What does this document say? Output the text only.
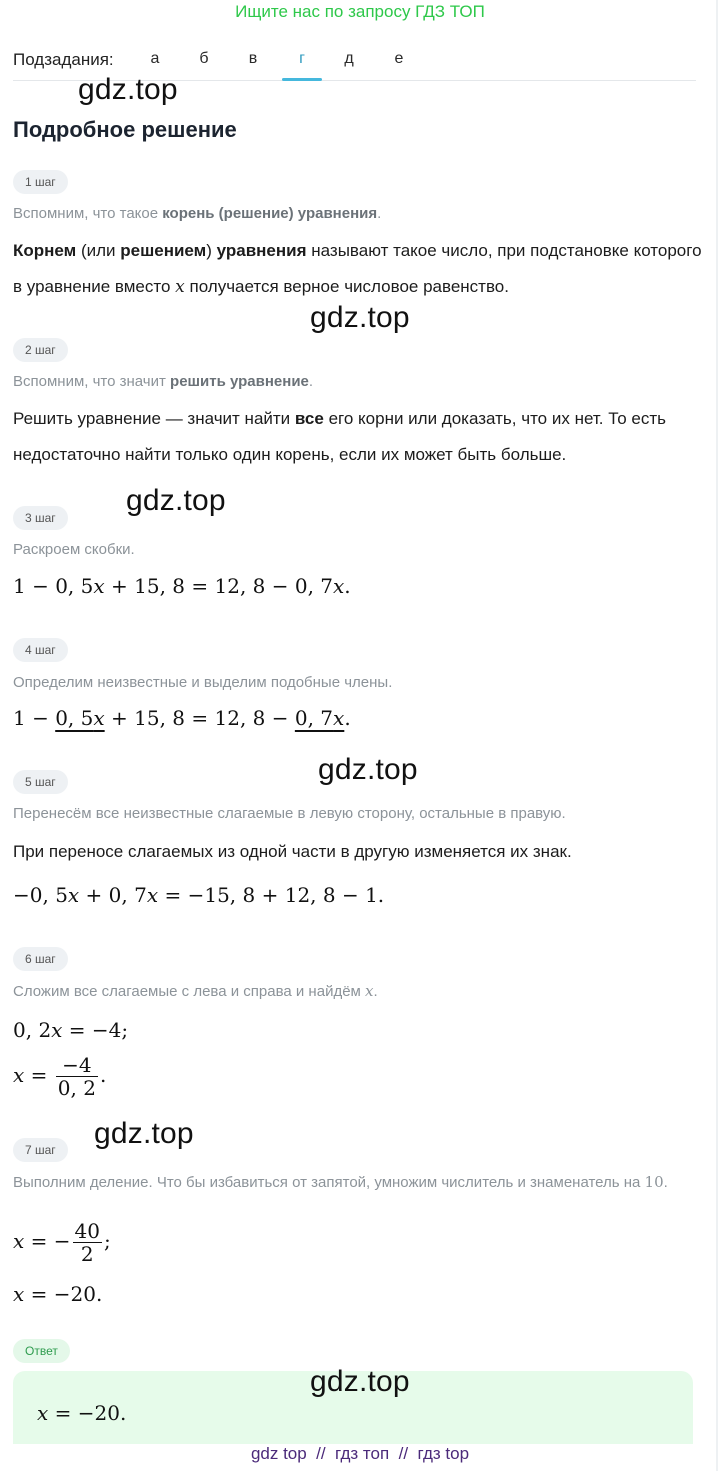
Ищите нас по запросу ГДЗ ТОП
Подзадания:	а	б	в	г	д	е
gdz.top
gdz.top
gdz.top
gdz.top
gdz.top
gdz.top
Подробное решение
1 шаг
Вспомним, что такое корень (решение) уравнения.
Корнем (или решением) уравнения называют такое число, при подстановке которого в уравнение вместо x получается верное числовое равенство.
2 шаг
Вспомним, что значит решить уравнение.
Решить уравнение — значит найти все его корни или доказать, что их нет. То есть недостаточно найти только один корень, если их может быть больше.
3 шаг
Раскроем скобки.
1 − 0, 5x + 15, 8 = 12, 8 − 0, 7x.
4 шаг
Определим неизвестные и выделим подобные члены.
1 − 0, 5x + 15, 8 = 12, 8 − 0, 7x.
5 шаг
Перенесём все неизвестные слагаемые в левую сторону, остальные в правую.
При переносе слагаемых из одной части в другую изменяется их знак.
−0, 5x + 0, 7x = −15, 8 + 12, 8 − 1.
6 шаг
Сложим все слагаемые с лева и справа и найдём x.
0, 2x = −4;
$x = \frac{-4}{0, 2}$ .
7 шаг
Выполним деление. Что бы избавиться от запятой, умножим числитель и знаменатель на 10.
x = − $\frac{40}{2}$ ;
x = −20.
Ответ
x = −20.
gdz top  //  гдз топ  //  гдз top
